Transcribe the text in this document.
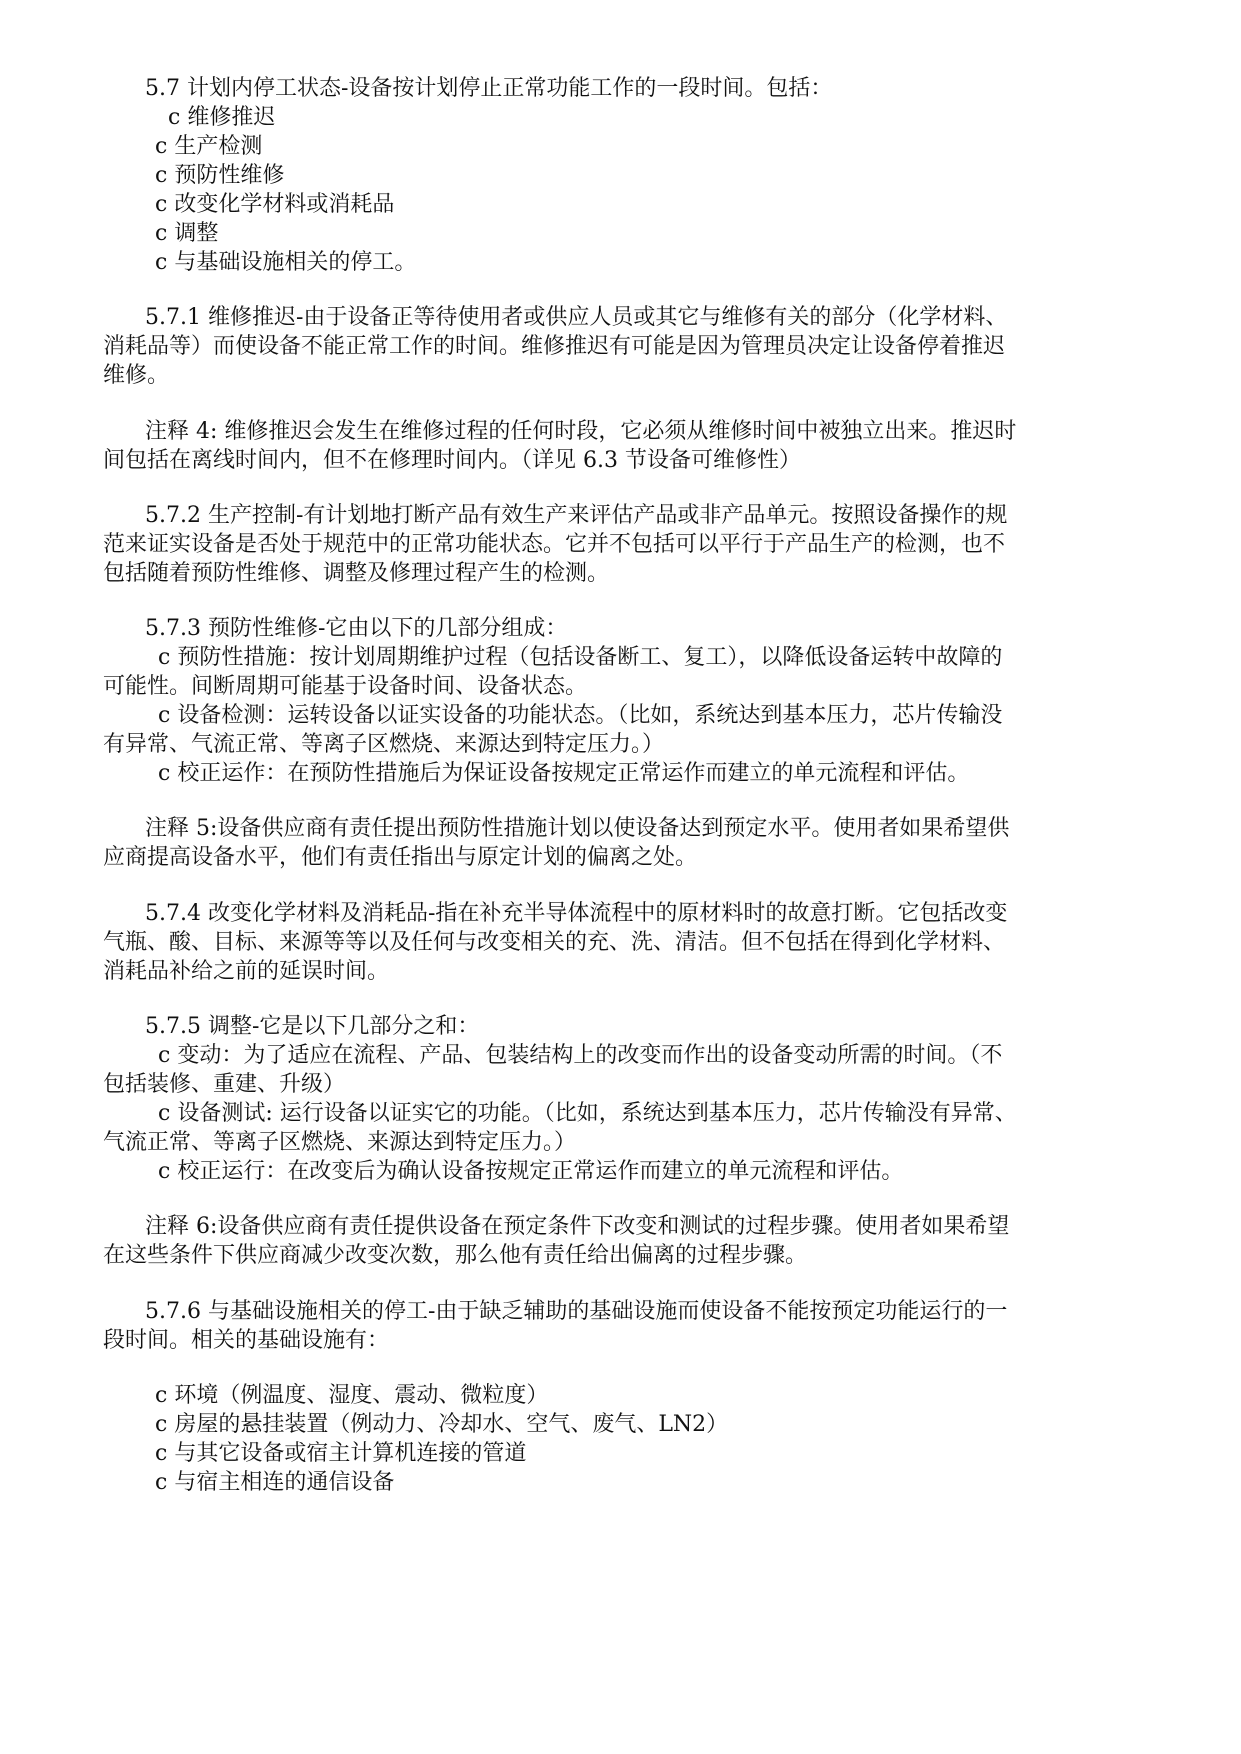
5.7 计划内停工状态-设备按计划停止正常功能工作的一段时间。包括：
c 维修推迟
c 生产检测
c 预防性维修
c 改变化学材料或消耗品
c 调整
c 与基础设施相关的停工。
5.7.1 维修推迟-由于设备正等待使用者或供应人员或其它与维修有关的部分（化学材料、
消耗品等）而使设备不能正常工作的时间。维修推迟有可能是因为管理员决定让设备停着推迟
维修。
注释 4: 维修推迟会发生在维修过程的任何时段，它必须从维修时间中被独立出来。推迟时
间包括在离线时间内，但不在修理时间内。（详见 6.3 节设备可维修性）
5.7.2 生产控制-有计划地打断产品有效生产来评估产品或非产品单元。按照设备操作的规
范来证实设备是否处于规范中的正常功能状态。它并不包括可以平行于产品生产的检测，也不
包括随着预防性维修、调整及修理过程产生的检测。
5.7.3 预防性维修-它由以下的几部分组成：
c 预防性措施：按计划周期维护过程（包括设备断工、复工），以降低设备运转中故障的
可能性。间断周期可能基于设备时间、设备状态。
c 设备检测：运转设备以证实设备的功能状态。（比如，系统达到基本压力，芯片传输没
有异常、气流正常、等离子区燃烧、来源达到特定压力。）
c 校正运作：在预防性措施后为保证设备按规定正常运作而建立的单元流程和评估。
注释 5:设备供应商有责任提出预防性措施计划以使设备达到预定水平。使用者如果希望供
应商提高设备水平，他们有责任指出与原定计划的偏离之处。
5.7.4 改变化学材料及消耗品-指在补充半导体流程中的原材料时的故意打断。它包括改变
气瓶、酸、目标、来源等等以及任何与改变相关的充、洗、清洁。但不包括在得到化学材料、
消耗品补给之前的延误时间。
5.7.5 调整-它是以下几部分之和：
c 变动：为了适应在流程、产品、包装结构上的改变而作出的设备变动所需的时间。（不
包括装修、重建、升级）
c 设备测试: 运行设备以证实它的功能。（比如，系统达到基本压力，芯片传输没有异常、
气流正常、等离子区燃烧、来源达到特定压力。）
c 校正运行：在改变后为确认设备按规定正常运作而建立的单元流程和评估。
注释 6:设备供应商有责任提供设备在预定条件下改变和测试的过程步骤。使用者如果希望
在这些条件下供应商减少改变次数，那么他有责任给出偏离的过程步骤。
5.7.6 与基础设施相关的停工-由于缺乏辅助的基础设施而使设备不能按预定功能运行的一
段时间。相关的基础设施有：
c 环境（例温度、湿度、震动、微粒度）
c 房屋的悬挂装置（例动力、冷却水、空气、废气、LN2）
c 与其它设备或宿主计算机连接的管道
c 与宿主相连的通信设备
